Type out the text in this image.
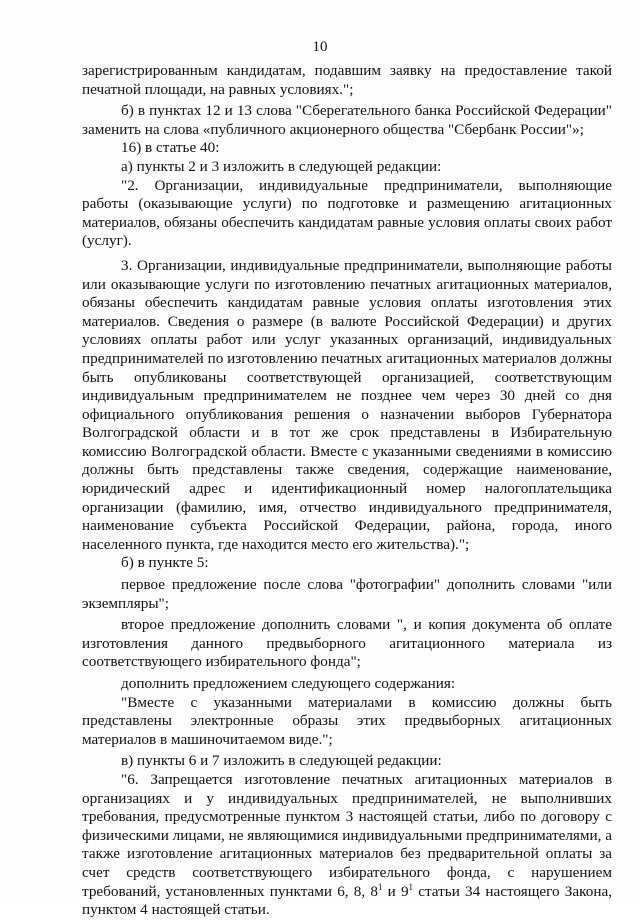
10

зарегистрированным кандидатам, подавшим заявку на предоставление такой печатной площади, на равных условиях.";

б) в пунктах 12 и 13 слова "Сберегательного банка Российской Федерации" заменить на слова «публичного акционерного общества "Сбербанк России"»;

16) в статье 40:

а) пункты 2 и 3 изложить в следующей редакции:

"2. Организации, индивидуальные предприниматели, выполняющие работы (оказывающие услуги) по подготовке и размещению агитационных материалов, обязаны обеспечить кандидатам равные условия оплаты своих работ (услуг).

3. Организации, индивидуальные предприниматели, выполняющие работы или оказывающие услуги по изготовлению печатных агитационных материалов, обязаны обеспечить кандидатам равные условия оплаты изготовления этих материалов. Сведения о размере (в валюте Российской Федерации) и других условиях оплаты работ или услуг указанных организаций, индивидуальных предпринимателей по изготовлению печатных агитационных материалов должны быть опубликованы соответствующей организацией, соответствующим индивидуальным предпринимателем не позднее чем через 30 дней со дня официального опубликования решения о назначении выборов Губернатора Волгоградской области и в тот же срок представлены в Избирательную комиссию Волгоградской области. Вместе с указанными сведениями в комиссию должны быть представлены также сведения, содержащие наименование, юридический адрес и идентификационный номер налогоплательщика организации (фамилию, имя, отчество индивидуального предпринимателя, наименование субъекта Российской Федерации, района, города, иного населенного пункта, где находится место его жительства).";

б) в пункте 5:

первое предложение после слова "фотографии" дополнить словами "или экземпляры";

второе предложение дополнить словами ", и копия документа об оплате изготовления данного предвыборного агитационного материала из соответствующего избирательного фонда";

дополнить предложением следующего содержания:

"Вместе с указанными материалами в комиссию должны быть представлены электронные образы этих предвыборных агитационных материалов в машиночитаемом виде.";

в) пункты 6 и 7 изложить в следующей редакции:

"6. Запрещается изготовление печатных агитационных материалов в организациях и у индивидуальных предпринимателей, не выполнивших требования, предусмотренные пунктом 3 настоящей статьи, либо по договору с физическими лицами, не являющимися индивидуальными предпринимателями, а также изготовление агитационных материалов без предварительной оплаты за счет средств соответствующего избирательного фонда, с нарушением требований, установленных пунктами 6, 8, $8^1$ и $9^1$ статьи 34 настоящего Закона, пунктом 4 настоящей статьи.
